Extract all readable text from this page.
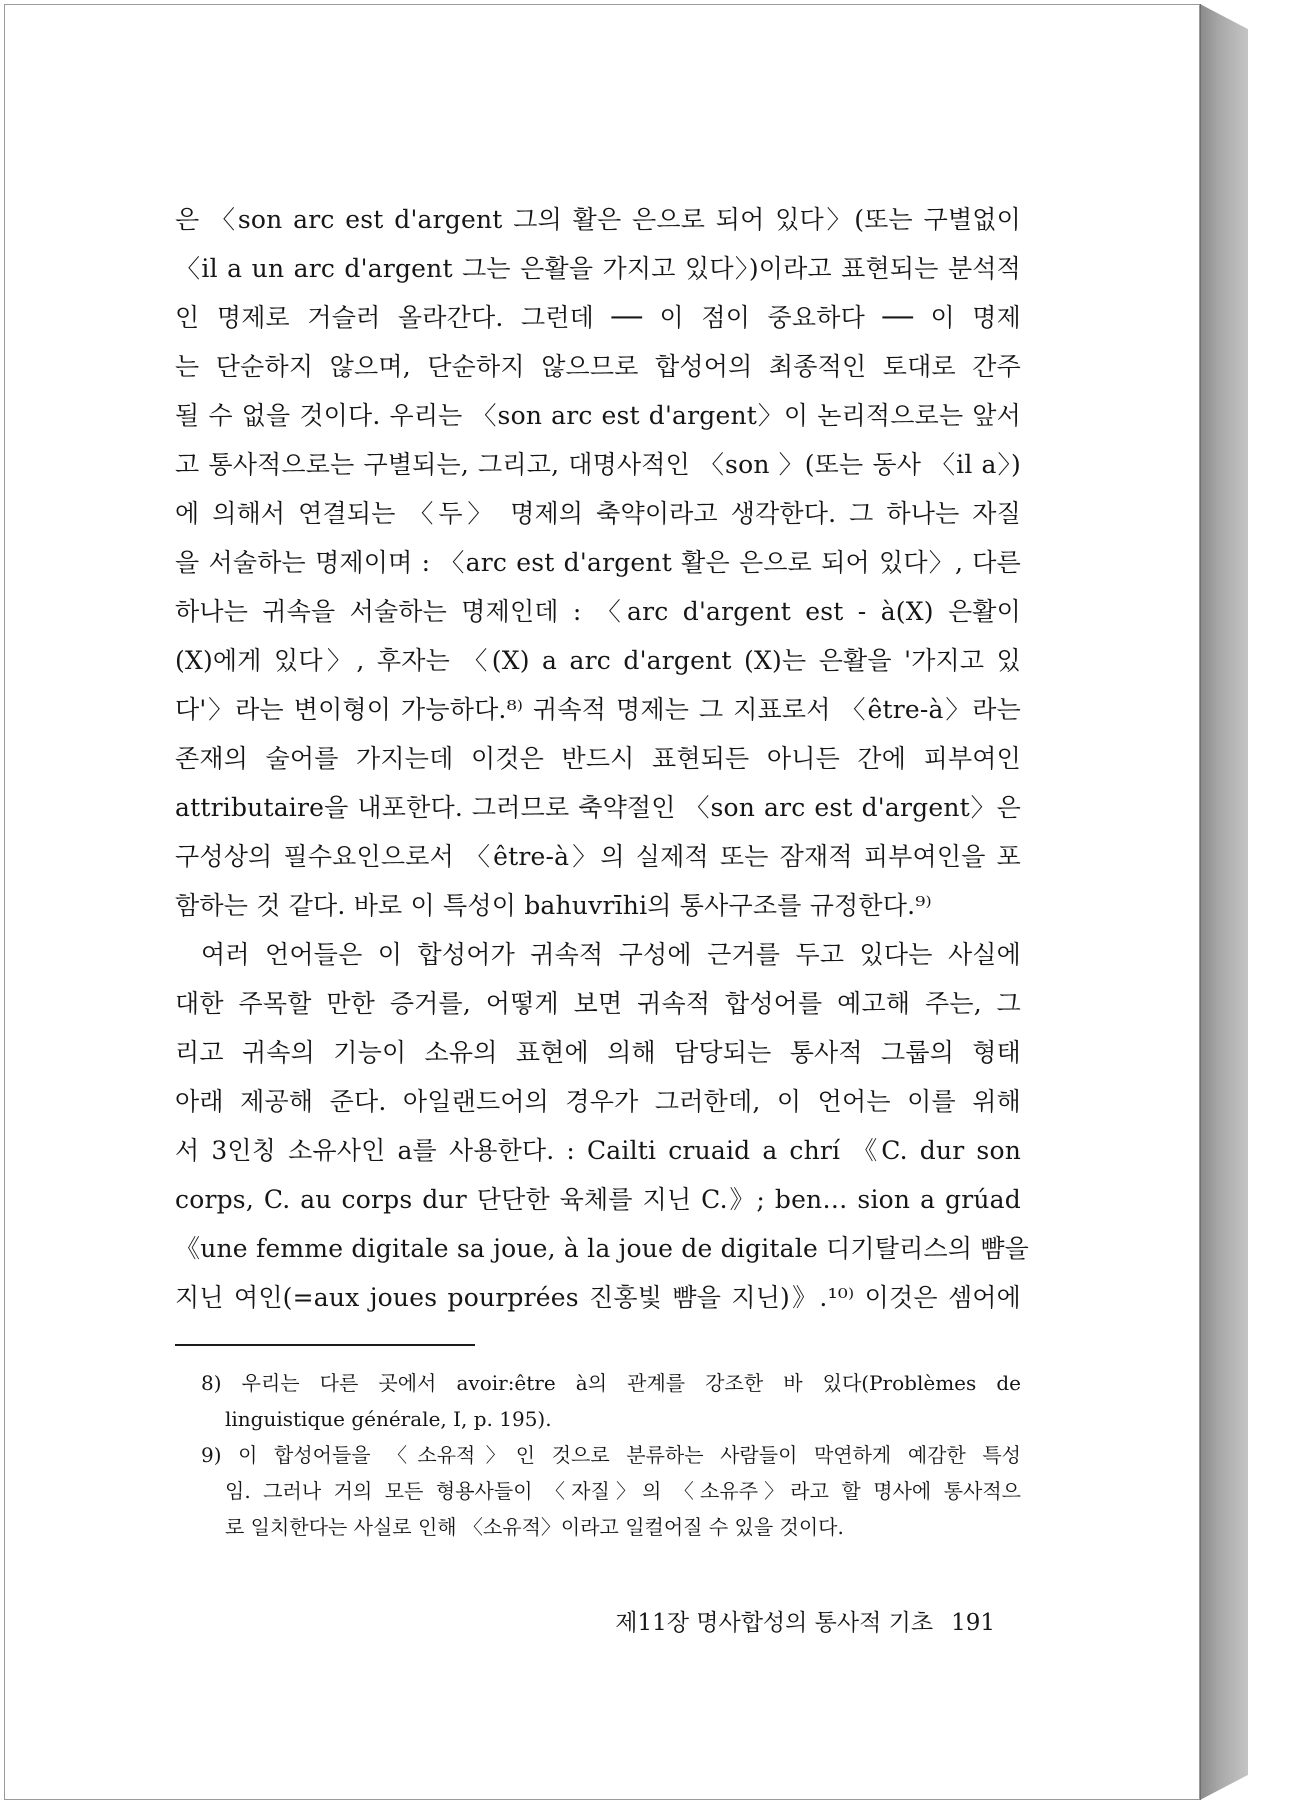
은 〈son arc est d'argent 그의 활은 은으로 되어 있다〉(또는 구별없이
〈il a un arc d'argent 그는 은활을 가지고 있다〉)이라고 표현되는 분석적
인 명제로 거슬러 올라간다. 그런데 ── 이 점이 중요하다 ── 이 명제
는 단순하지 않으며, 단순하지 않으므로 합성어의 최종적인 토대로 간주
될 수 없을 것이다. 우리는 〈son arc est d'argent〉이 논리적으로는 앞서
고 통사적으로는 구별되는, 그리고, 대명사적인 〈son 〉(또는 동사 〈il a〉)
에 의해서 연결되는 〈두〉 명제의 축약이라고 생각한다. 그 하나는 자질
을 서술하는 명제이며 : 〈arc est d'argent 활은 은으로 되어 있다〉, 다른
하나는 귀속을 서술하는 명제인데 : 〈arc d'argent est - à(X) 은활이
(X)에게 있다〉, 후자는 〈(X) a arc d'argent (X)는 은활을 '가지고 있
다'〉라는 변이형이 가능하다.⁸⁾ 귀속적 명제는 그 지표로서 〈être-à〉라는
존재의 술어를 가지는데 이것은 반드시 표현되든 아니든 간에 피부여인
attributaire을 내포한다. 그러므로 축약절인 〈son arc est d'argent〉은
구성상의 필수요인으로서 〈être-à〉의 실제적 또는 잠재적 피부여인을 포
함하는 것 같다. 바로 이 특성이 bahuvrīhi의 통사구조를 규정한다.⁹⁾
여러 언어들은 이 합성어가 귀속적 구성에 근거를 두고 있다는 사실에
대한 주목할 만한 증거를, 어떻게 보면 귀속적 합성어를 예고해 주는, 그
리고 귀속의 기능이 소유의 표현에 의해 담당되는 통사적 그룹의 형태
아래 제공해 준다. 아일랜드어의 경우가 그러한데, 이 언어는 이를 위해
서 3인칭 소유사인 a를 사용한다. : Cailti cruaid a chrí 《C. dur son
corps, C. au corps dur 단단한 육체를 지닌 C.》; ben… sion a grúad
《une femme digitale sa joue, à la joue de digitale 디기탈리스의 뺨을
지닌 여인(=aux joues pourprées 진홍빛 뺨을 지닌)》.¹⁰⁾ 이것은 셈어에
8) 우리는 다른 곳에서 avoir:être à의 관계를 강조한 바 있다(Problèmes de
linguistique générale, I, p. 195).
9) 이 합성어들을 〈소유적〉인 것으로 분류하는 사람들이 막연하게 예감한 특성
임. 그러나 거의 모든 형용사들이 〈자질〉의 〈소유주〉라고 할 명사에 통사적으
로 일치한다는 사실로 인해 〈소유적〉이라고 일컬어질 수 있을 것이다.
제11장 명사합성의 통사적 기초 191
